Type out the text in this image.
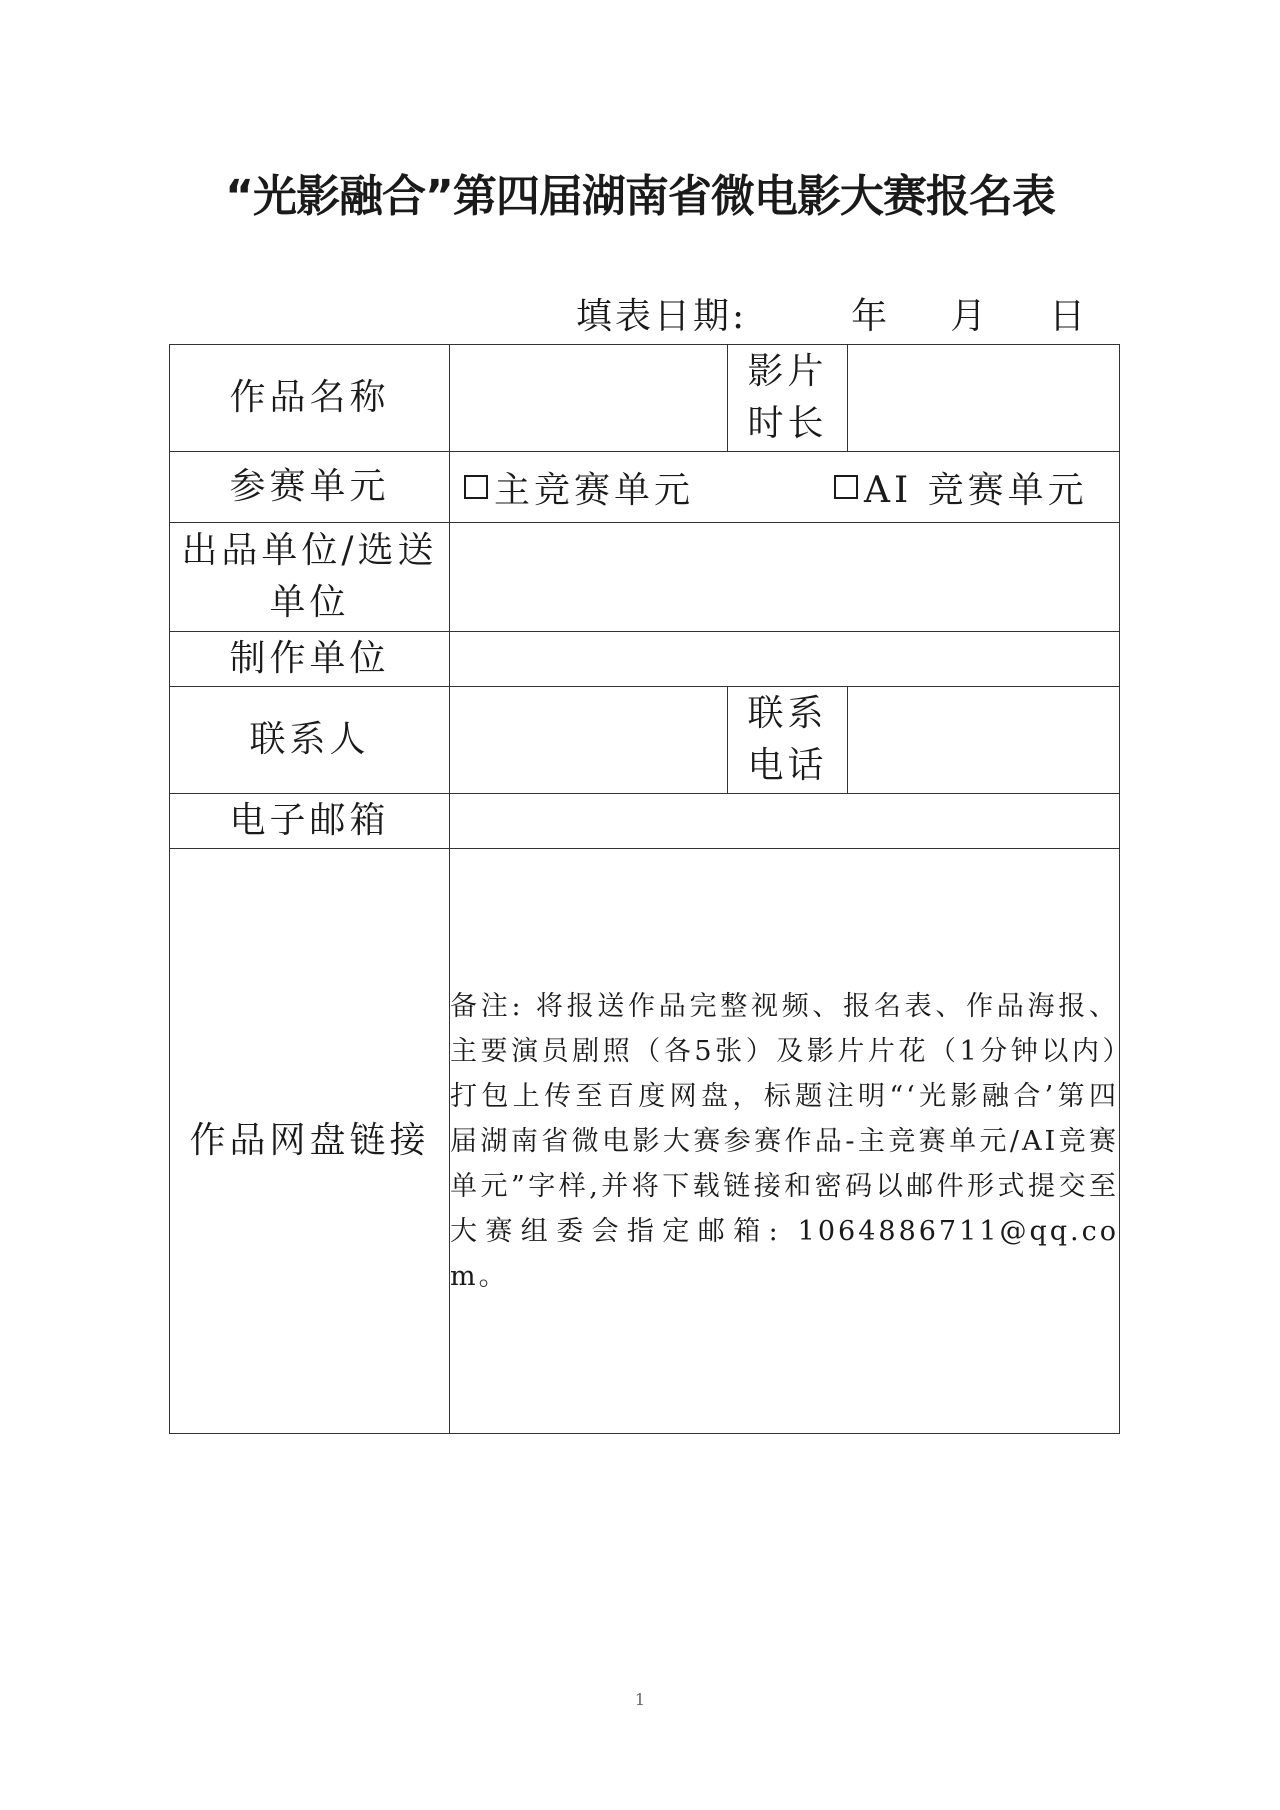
“光影融合”第四届湖南省微电影大赛报名表
填表日期:	年 月 日
作品名称		影片
时长	

参赛单元	主竞赛单元 AI 竞赛单元		

出品单位/选送
单位			

制作单位			
联系人		联系
电话	

电子邮箱			
作品网盘链接	备注: 将报送作品完整视频、报名表、作品海报、主要演员剧照（各5张）及影片片花（1分钟以内）打包上传至百度网盘，标题注明“‘光影融合’第四届湖南省微电影大赛参赛作品-主竞赛单元/AI竞赛单元”字样,并将下载链接和密码以邮件形式提交至大赛组委会指定邮箱: 1064886711@qq.com。		
1
